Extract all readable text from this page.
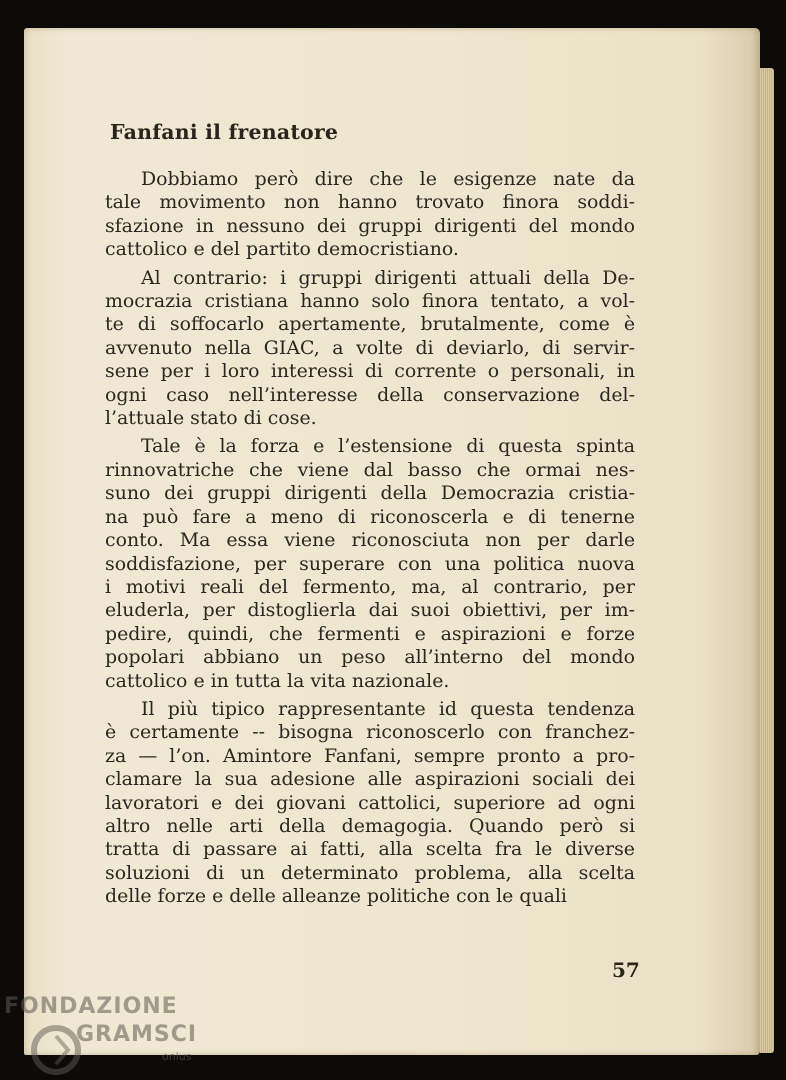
Fanfani il frenatore

Dobbiamo però dire che le esigenze nate da
tale movimento non hanno trovato finora soddi-
sfazione in nessuno dei gruppi dirigenti del mondo
cattolico e del partito democristiano.

Al contrario: i gruppi dirigenti attuali della De-
mocrazia cristiana hanno solo finora tentato, a vol-
te di soffocarlo apertamente, brutalmente, come è
avvenuto nella GIAC, a volte di deviarlo, di servir-
sene per i loro interessi di corrente o personali, in
ogni caso nell’interesse della conservazione del-
l’attuale stato di cose.

Tale è la forza e l’estensione di questa spinta
rinnovatriche che viene dal basso che ormai nes-
suno dei gruppi dirigenti della Democrazia cristia-
na può fare a meno di riconoscerla e di tenerne
conto. Ma essa viene riconosciuta non per darle
soddisfazione, per superare con una politica nuova
i motivi reali del fermento, ma, al contrario, per
eluderla, per distoglierla dai suoi obiettivi, per im-
pedire, quindi, che fermenti e aspirazioni e forze
popolari abbiano un peso all’interno del mondo
cattolico e in tutta la vita nazionale.

Il più tipico rappresentante id questa tendenza
è certamente -- bisogna riconoscerlo con franchez-
za — l’on. Amintore Fanfani, sempre pronto a pro-
clamare la sua adesione alle aspirazioni sociali dei
lavoratori e dei giovani cattolici, superiore ad ogni
altro nelle arti della demagogia. Quando però si
tratta di passare ai fatti, alla scelta fra le diverse
soluzioni di un determinato problema, alla scelta
delle forze e delle alleanze politiche con le quali

57
FONDAZIONE
GRAMSCI
onlus
